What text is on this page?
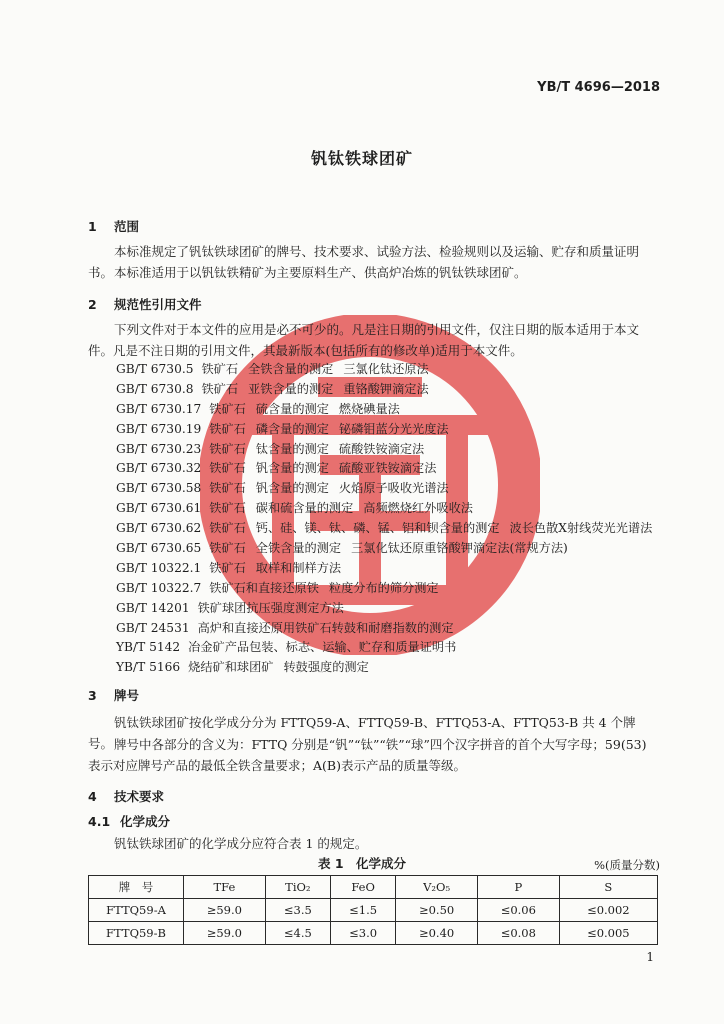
YB/T 4696—2018
钒钛铁球团矿
1 范围
本标准规定了钒钛铁球团矿的牌号、技术要求、试验方法、检验规则以及运输、贮存和质量证明书。 本标准适用于以钒钛铁精矿为主要原料生产、供高炉冶炼的钒钛铁球团矿。
2 规范性引用文件
下列文件对于本文件的应用是必不可少的。凡是注日期的引用文件，仅注日期的版本适用于本文件。凡是不注日期的引用文件，其最新版本(包括所有的修改单)适用于本文件。
GB/T 6730.5 铁矿石 全铁含量的测定 三氯化钛还原法
GB/T 6730.8 铁矿石 亚铁含量的测定 重铬酸钾滴定法
GB/T 6730.17 铁矿石 硫含量的测定 燃烧碘量法
GB/T 6730.19 铁矿石 磷含量的测定 铋磷钼蓝分光光度法
GB/T 6730.23 铁矿石 钛含量的测定 硫酸铁铵滴定法
GB/T 6730.32 铁矿石 钒含量的测定 硫酸亚铁铵滴定法
GB/T 6730.58 铁矿石 钒含量的测定 火焰原子吸收光谱法
GB/T 6730.61 铁矿石 碳和硫含量的测定 高频燃烧红外吸收法
GB/T 6730.62 铁矿石 钙、硅、镁、钛、磷、锰、铝和钡含量的测定 波长色散X射线荧光光谱法
GB/T 6730.65 铁矿石 全铁含量的测定 三氯化钛还原重铬酸钾滴定法(常规方法)
GB/T 10322.1 铁矿石 取样和制样方法
GB/T 10322.7 铁矿石和直接还原铁 粒度分布的筛分测定
GB/T 14201 铁矿球团抗压强度测定方法
GB/T 24531 高炉和直接还原用铁矿石转鼓和耐磨指数的测定
YB/T 5142 冶金矿产品包装、标志、运输、贮存和质量证明书
YB/T 5166 烧结矿和球团矿 转鼓强度的测定
3 牌号
钒钛铁球团矿按化学成分分为 FTTQ59-A、FTTQ59-B、FTTQ53-A、FTTQ53-B 共 4 个牌号。 牌号中各部分的含义为：FTTQ 分别是“钒”“钛”“铁”“球”四个汉字拼音的首个大写字母；59(53)表示对应牌号产品的最低全铁含量要求；A(B)表示产品的质量等级。
4 技术要求
4.1 化学成分
钒钛铁球团矿的化学成分应符合表 1 的规定。
表 1　化学成分	%(质量分数)
牌　号	TFe	TiO₂	FeO	V₂O₅	P	S
FTTQ59-A	≥59.0	≤3.5	≤1.5	≥0.50	≤0.06	≤0.002
FTTQ59-B	≥59.0	≤4.5	≤3.0	≥0.40	≤0.08	≤0.005
1
